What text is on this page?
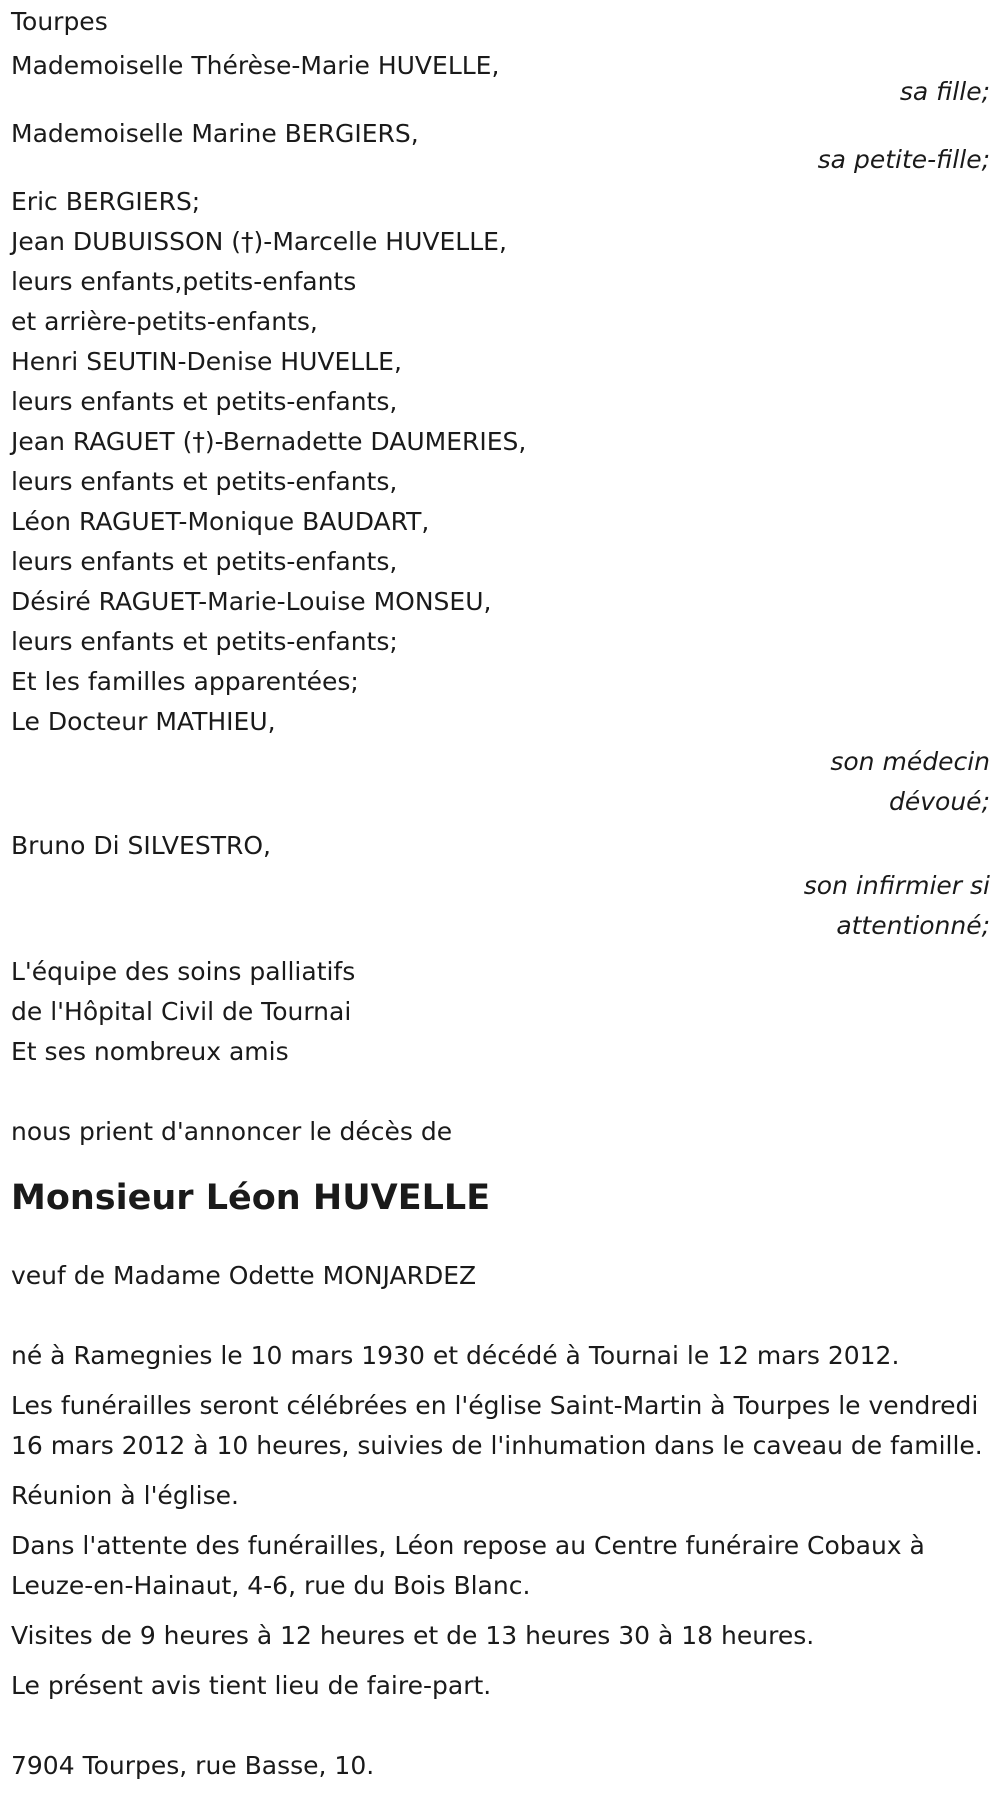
Tourpes
Mademoiselle Thérèse-Marie HUVELLE,
sa fille;
Mademoiselle Marine BERGIERS,
sa petite-fille;
Eric BERGIERS;
Jean DUBUISSON (†)-Marcelle HUVELLE,
leurs enfants,petits-enfants
et arrière-petits-enfants,
Henri SEUTIN-Denise HUVELLE,
leurs enfants et petits-enfants,
Jean RAGUET (†)-Bernadette DAUMERIES,
leurs enfants et petits-enfants,
Léon RAGUET-Monique BAUDART,
leurs enfants et petits-enfants,
Désiré RAGUET-Marie-Louise MONSEU,
leurs enfants et petits-enfants;
Et les familles apparentées;
Le Docteur MATHIEU,
son médecin
dévoué;
Bruno Di SILVESTRO,
son infirmier si
attentionné;
L'équipe des soins palliatifs
de l'Hôpital Civil de Tournai
Et ses nombreux amis
nous prient d'annoncer le décès de
Monsieur Léon HUVELLE
veuf de Madame Odette MONJARDEZ
né à Ramegnies le 10 mars 1930 et décédé à Tournai le 12 mars 2012.
Les funérailles seront célébrées en l'église Saint-Martin à Tourpes le vendredi 16 mars 2012 à 10 heures, suivies de l'inhumation dans le caveau de famille.
Réunion à l'église.
Dans l'attente des funérailles, Léon repose au Centre funéraire Cobaux à Leuze-en-Hainaut, 4-6, rue du Bois Blanc.
Visites de 9 heures à 12 heures et de 13 heures 30 à 18 heures.
Le présent avis tient lieu de faire-part.
7904 Tourpes, rue Basse, 10.
